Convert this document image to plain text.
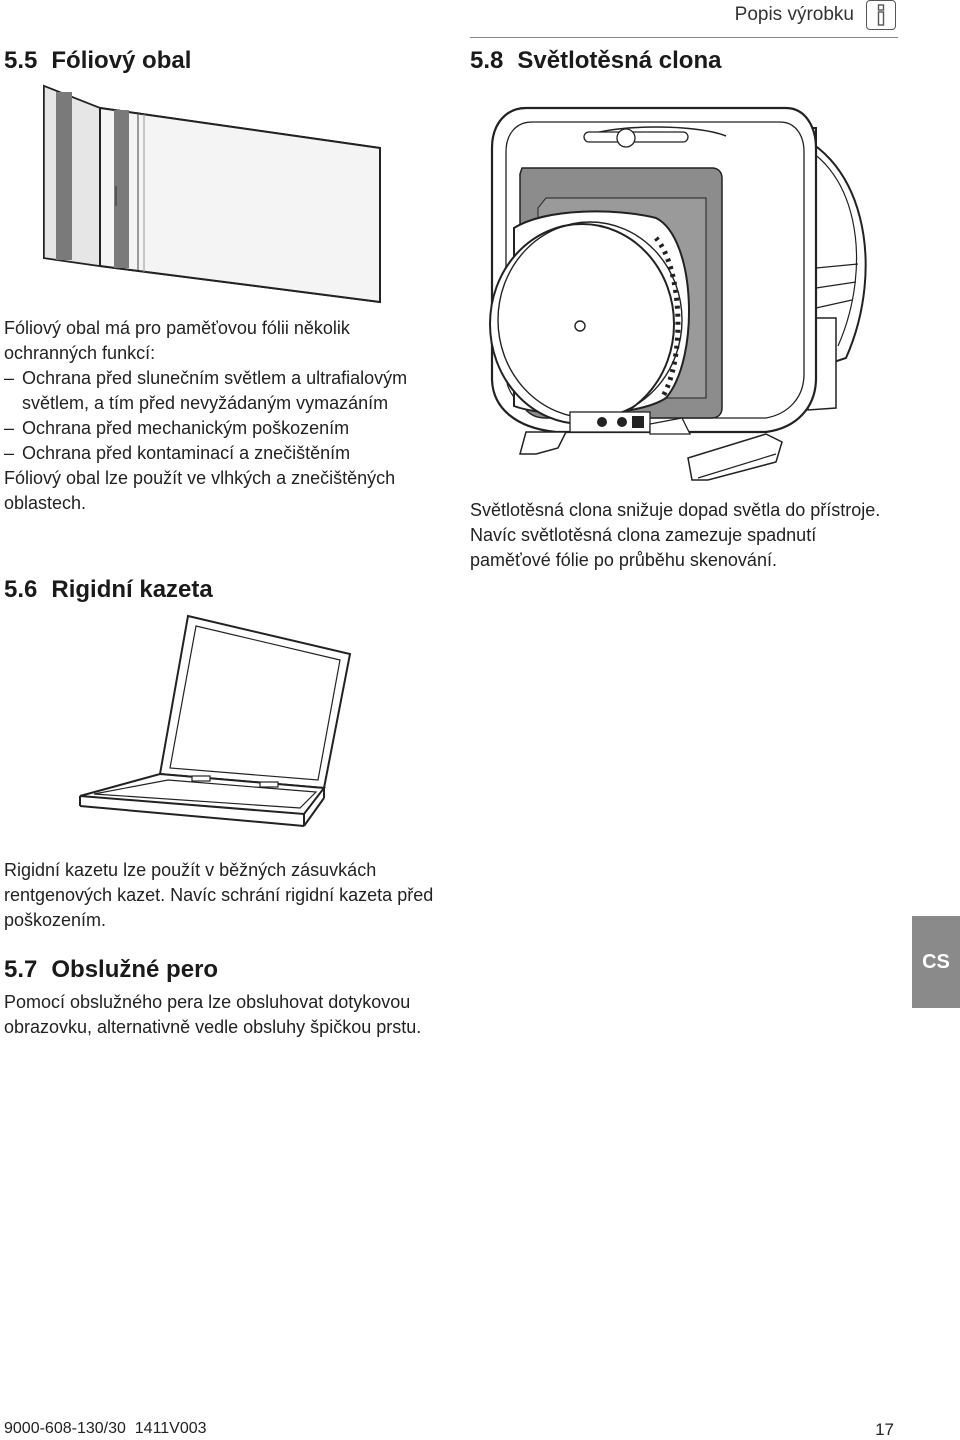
Popis výrobku
5.5 Fóliový obal

Fóliový obal má pro paměťovou fólii několik ochranných funkcí:

– Ochrana před slunečním světlem a ultrafialovým světlem, a tím před nevyžádaným vymazáním
– Ochrana před mechanickým poškozením
– Ochrana před kontaminací a znečištěním

Fóliový obal lze použít ve vlhkých a znečištěných oblastech.

5.6 Rigidní kazeta

Rigidní kazetu lze použít v běžných zásuvkách rentgenových kazet. Navíc schrání rigidní kazeta před poškozením.

5.7 Obslužné pero

Pomocí obslužného pera lze obsluhovat dotykovou obrazovku, alternativně vedle obsluhy špičkou prstu.

5.8 Světlotěsná clona

Světlotěsná clona snižuje dopad světla do přístroje. Navíc světlotěsná clona zamezuje spadnutí paměťové fólie po průběhu skenování.

CS
9000-608-130/30  1411V003	17
